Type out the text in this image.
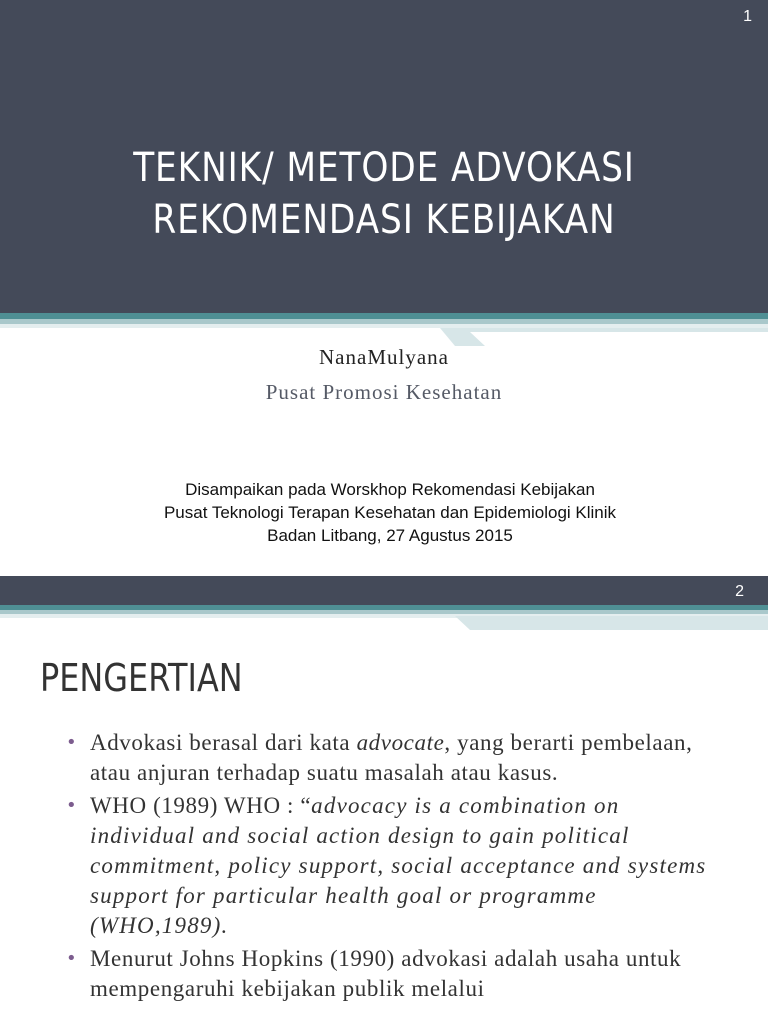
1
TEKNIK/ METODE ADVOKASI
REKOMENDASI KEBIJAKAN
NanaMulyana
Pusat Promosi Kesehatan
Disampaikan pada Worskhop Rekomendasi Kebijakan
Pusat Teknologi Terapan Kesehatan dan Epidemiologi Klinik
Badan Litbang, 27 Agustus 2015
2
PENGERTIAN
• Advokasi berasal dari kata advocate, yang berarti pembelaan, atau anjuran terhadap suatu masalah atau kasus.
• WHO (1989) WHO : “advocacy is a combination on individual and social action design to gain political commitment, policy support, social acceptance and systems support for particular health goal or programme (WHO,1989).
• Menurut Johns Hopkins (1990) advokasi adalah usaha untuk mempengaruhi kebijakan publik melalui
